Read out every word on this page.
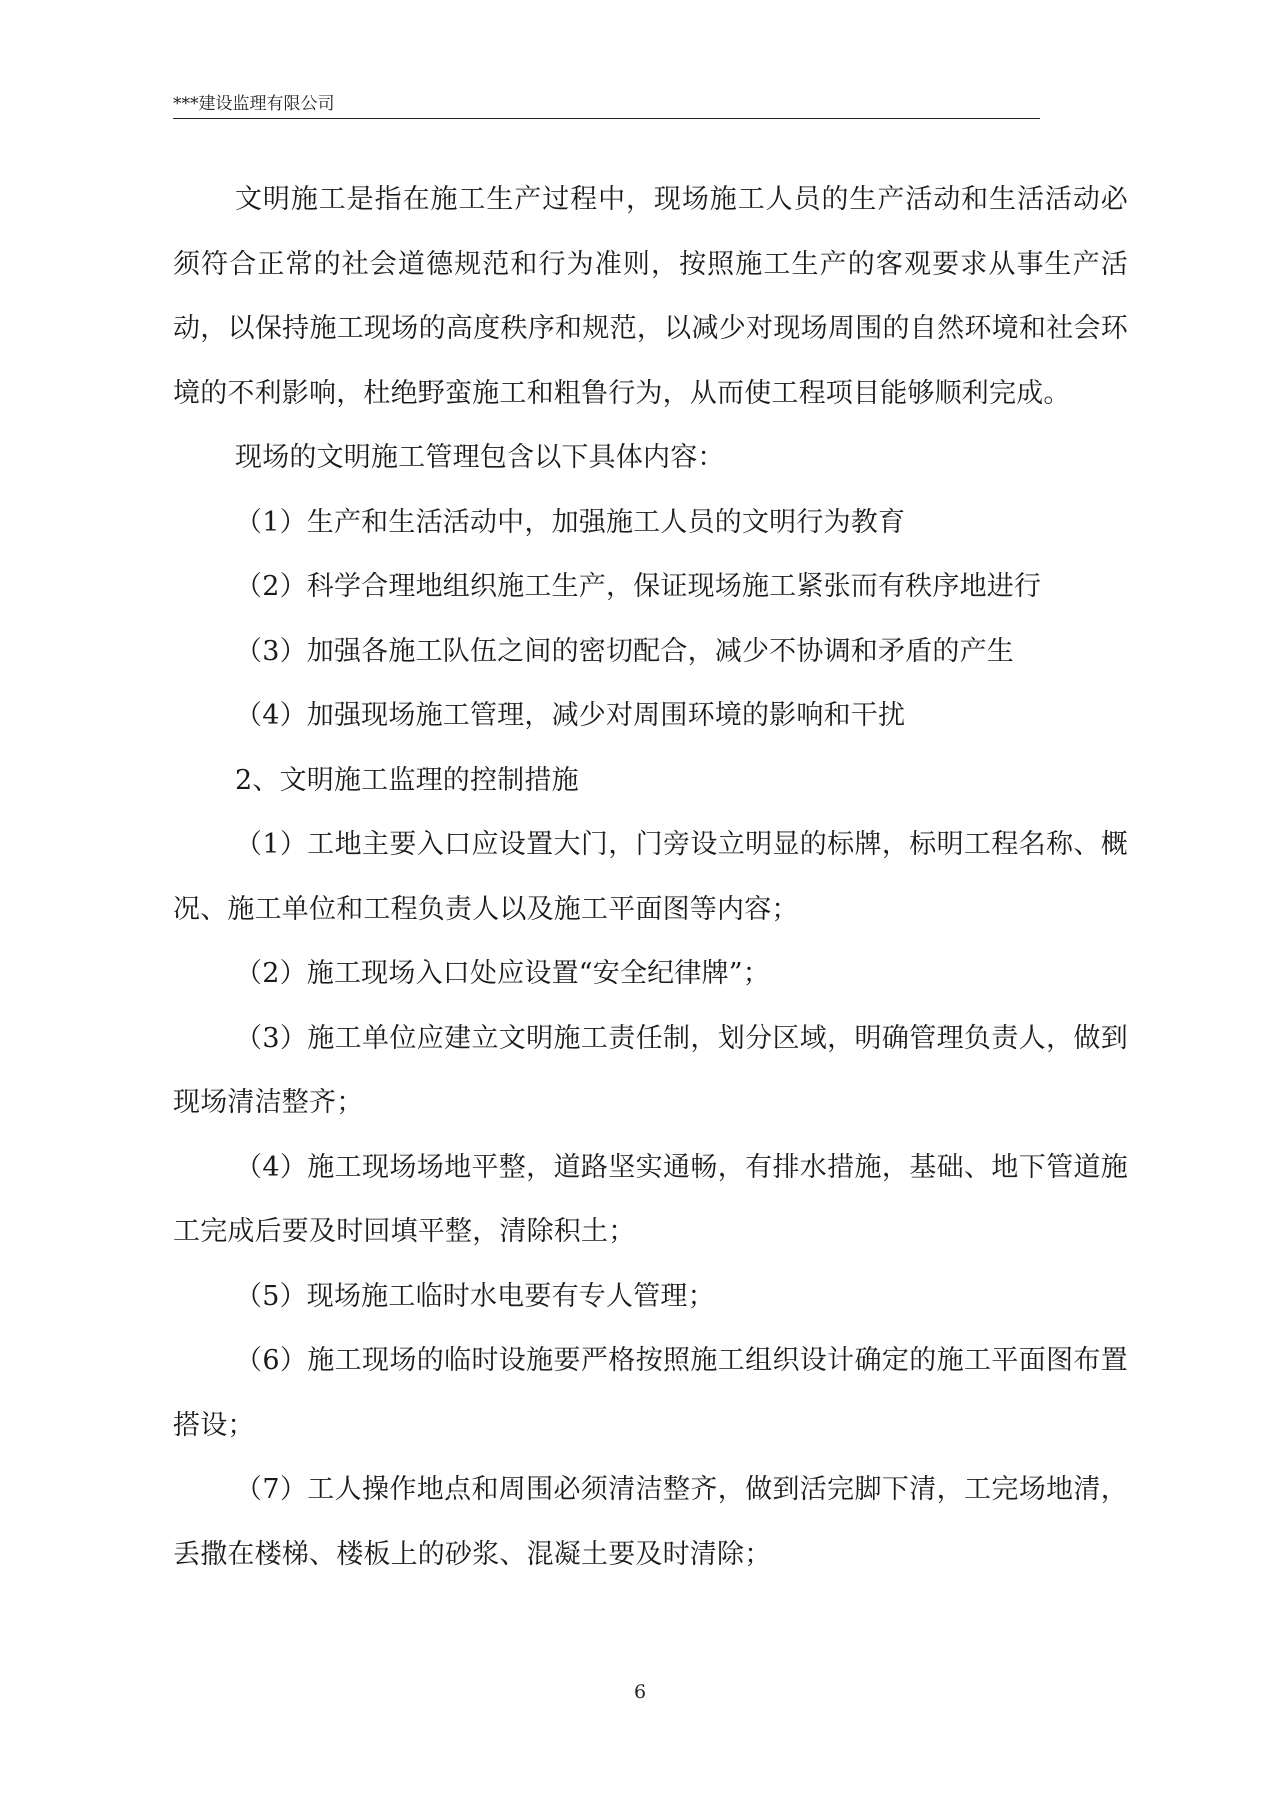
***建设监理有限公司

文明施工是指在施工生产过程中，现场施工人员的生产活动和生活活动必须符合正常的社会道德规范和行为准则，按照施工生产的客观要求从事生产活动，以保持施工现场的高度秩序和规范，以减少对现场周围的自然环境和社会环境的不利影响，杜绝野蛮施工和粗鲁行为，从而使工程项目能够顺利完成。

现场的文明施工管理包含以下具体内容：

（1）生产和生活活动中，加强施工人员的文明行为教育

（2）科学合理地组织施工生产，保证现场施工紧张而有秩序地进行

（3）加强各施工队伍之间的密切配合，减少不协调和矛盾的产生

（4）加强现场施工管理，减少对周围环境的影响和干扰

2、文明施工监理的控制措施

（1）工地主要入口应设置大门，门旁设立明显的标牌，标明工程名称、概况、施工单位和工程负责人以及施工平面图等内容；

（2）施工现场入口处应设置“安全纪律牌”；

（3）施工单位应建立文明施工责任制，划分区域，明确管理负责人，做到现场清洁整齐；

（4）施工现场场地平整，道路坚实通畅，有排水措施，基础、地下管道施工完成后要及时回填平整，清除积土；

（5）现场施工临时水电要有专人管理；

（6）施工现场的临时设施要严格按照施工组织设计确定的施工平面图布置搭设；

（7）工人操作地点和周围必须清洁整齐，做到活完脚下清，工完场地清，丢撒在楼梯、楼板上的砂浆、混凝土要及时清除；

6
